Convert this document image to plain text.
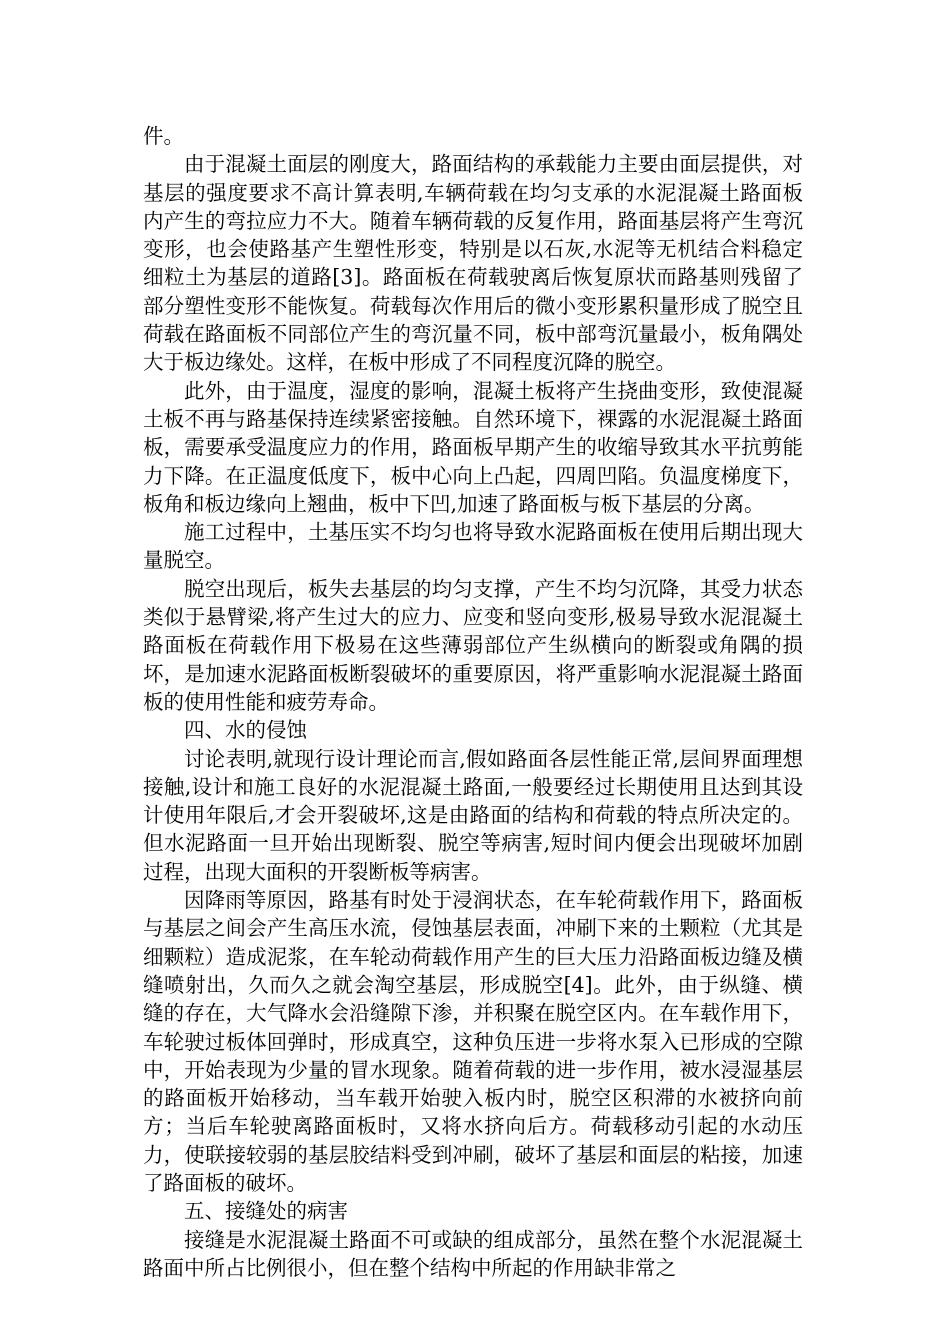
件。

由于混凝土面层的刚度大，路面结构的承载能力主要由面层提供，对基层的强度要求不高计算表明,车辆荷载在均匀支承的水泥混凝土路面板内产生的弯拉应力不大。随着车辆荷载的反复作用，路面基层将产生弯沉变形，也会使路基产生塑性形变，特别是以石灰,水泥等无机结合料稳定细粒土为基层的道路[3]。路面板在荷载驶离后恢复原状而路基则残留了部分塑性变形不能恢复。荷载每次作用后的微小变形累积量形成了脱空且荷载在路面板不同部位产生的弯沉量不同，板中部弯沉量最小，板角隅处大于板边缘处。这样，在板中形成了不同程度沉降的脱空。

此外，由于温度，湿度的影响，混凝土板将产生挠曲变形，致使混凝土板不再与路基保持连续紧密接触。自然环境下，裸露的水泥混凝土路面板，需要承受温度应力的作用，路面板早期产生的收缩导致其水平抗剪能力下降。在正温度低度下，板中心向上凸起，四周凹陷。负温度梯度下，板角和板边缘向上翘曲，板中下凹,加速了路面板与板下基层的分离。

施工过程中，土基压实不均匀也将导致水泥路面板在使用后期出现大量脱空。

脱空出现后，板失去基层的均匀支撑，产生不均匀沉降，其受力状态类似于悬臂梁,将产生过大的应力、应变和竖向变形,极易导致水泥混凝土路面板在荷载作用下极易在这些薄弱部位产生纵横向的断裂或角隅的损坏，是加速水泥路面板断裂破坏的重要原因，将严重影响水泥混凝土路面板的使用性能和疲劳寿命。

四、水的侵蚀

讨论表明,就现行设计理论而言,假如路面各层性能正常,层间界面理想接触,设计和施工良好的水泥混凝土路面,一般要经过长期使用且达到其设计使用年限后,才会开裂破坏,这是由路面的结构和荷载的特点所决定的。 但水泥路面一旦开始出现断裂、脱空等病害,短时间内便会出现破坏加剧过程，出现大面积的开裂断板等病害。

因降雨等原因，路基有时处于浸润状态，在车轮荷载作用下，路面板与基层之间会产生高压水流，侵蚀基层表面，冲刷下来的土颗粒（尤其是细颗粒）造成泥浆，在车轮动荷载作用产生的巨大压力沿路面板边缝及横缝喷射出，久而久之就会淘空基层，形成脱空[4]。此外，由于纵缝、横缝的存在，大气降水会沿缝隙下渗，并积聚在脱空区内。在车载作用下，车轮驶过板体回弹时，形成真空，这种负压进一步将水泵入已形成的空隙中，开始表现为少量的冒水现象。随着荷载的进一步作用，被水浸湿基层的路面板开始移动，当车载开始驶入板内时，脱空区积滞的水被挤向前方；当后车轮驶离路面板时，又将水挤向后方。荷载移动引起的水动压力，使联接较弱的基层胶结料受到冲刷，破坏了基层和面层的粘接，加速了路面板的破坏。

五、接缝处的病害

接缝是水泥混凝土路面不可或缺的组成部分，虽然在整个水泥混凝土路面中所占比例很小，但在整个结构中所起的作用缺非常之
